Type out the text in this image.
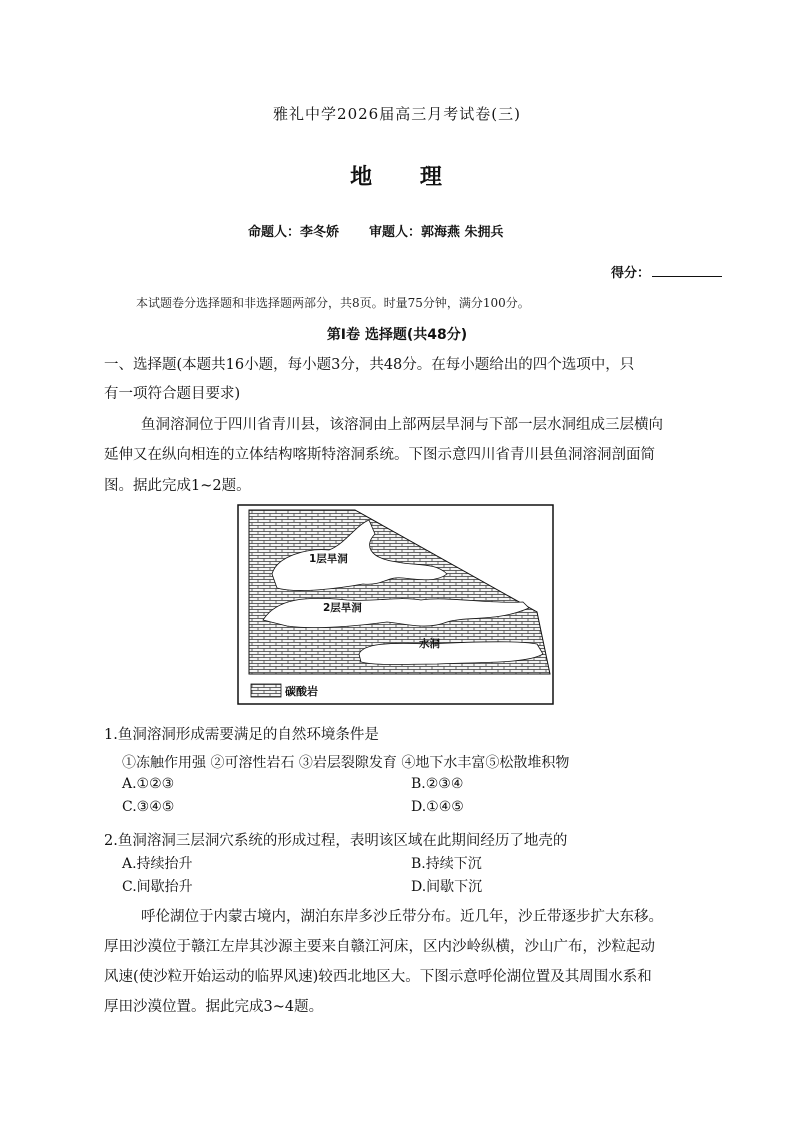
雅礼中学2026届高三月考试卷(三)
地 理
命题人：李冬娇 审题人：郭海燕 朱拥兵
得分：
本试题卷分选择题和非选择题两部分，共8页。时量75分钟，满分100分。
第Ⅰ卷 选择题(共48分)
一、选择题(本题共16小题，每小题3分，共48分。在每小题给出的四个选项中，只
有一项符合题目要求)
鱼洞溶洞位于四川省青川县，该溶洞由上部两层旱洞与下部一层水洞组成三层横向
延伸又在纵向相连的立体结构喀斯特溶洞系统。下图示意四川省青川县鱼洞溶洞剖面简
图。据此完成1~2题。
1层旱洞
2层旱洞
水洞
碳酸岩
1.鱼洞溶洞形成需要满足的自然环境条件是
①冻触作用强 ②可溶性岩石 ③岩层裂隙发育 ④地下水丰富⑤松散堆积物
A.①②③	B.②③④
C.③④⑤	D.①④⑤
2.鱼洞溶洞三层洞穴系统的形成过程，表明该区域在此期间经历了地壳的
A.持续抬升	B.持续下沉
C.间歇抬升	D.间歇下沉
呼伦湖位于内蒙古境内，湖泊东岸多沙丘带分布。近几年，沙丘带逐步扩大东移。
厚田沙漠位于赣江左岸其沙源主要来自赣江河床，区内沙岭纵横，沙山广布，沙粒起动
风速(使沙粒开始运动的临界风速)较西北地区大。下图示意呼伦湖位置及其周围水系和
厚田沙漠位置。据此完成3~4题。
